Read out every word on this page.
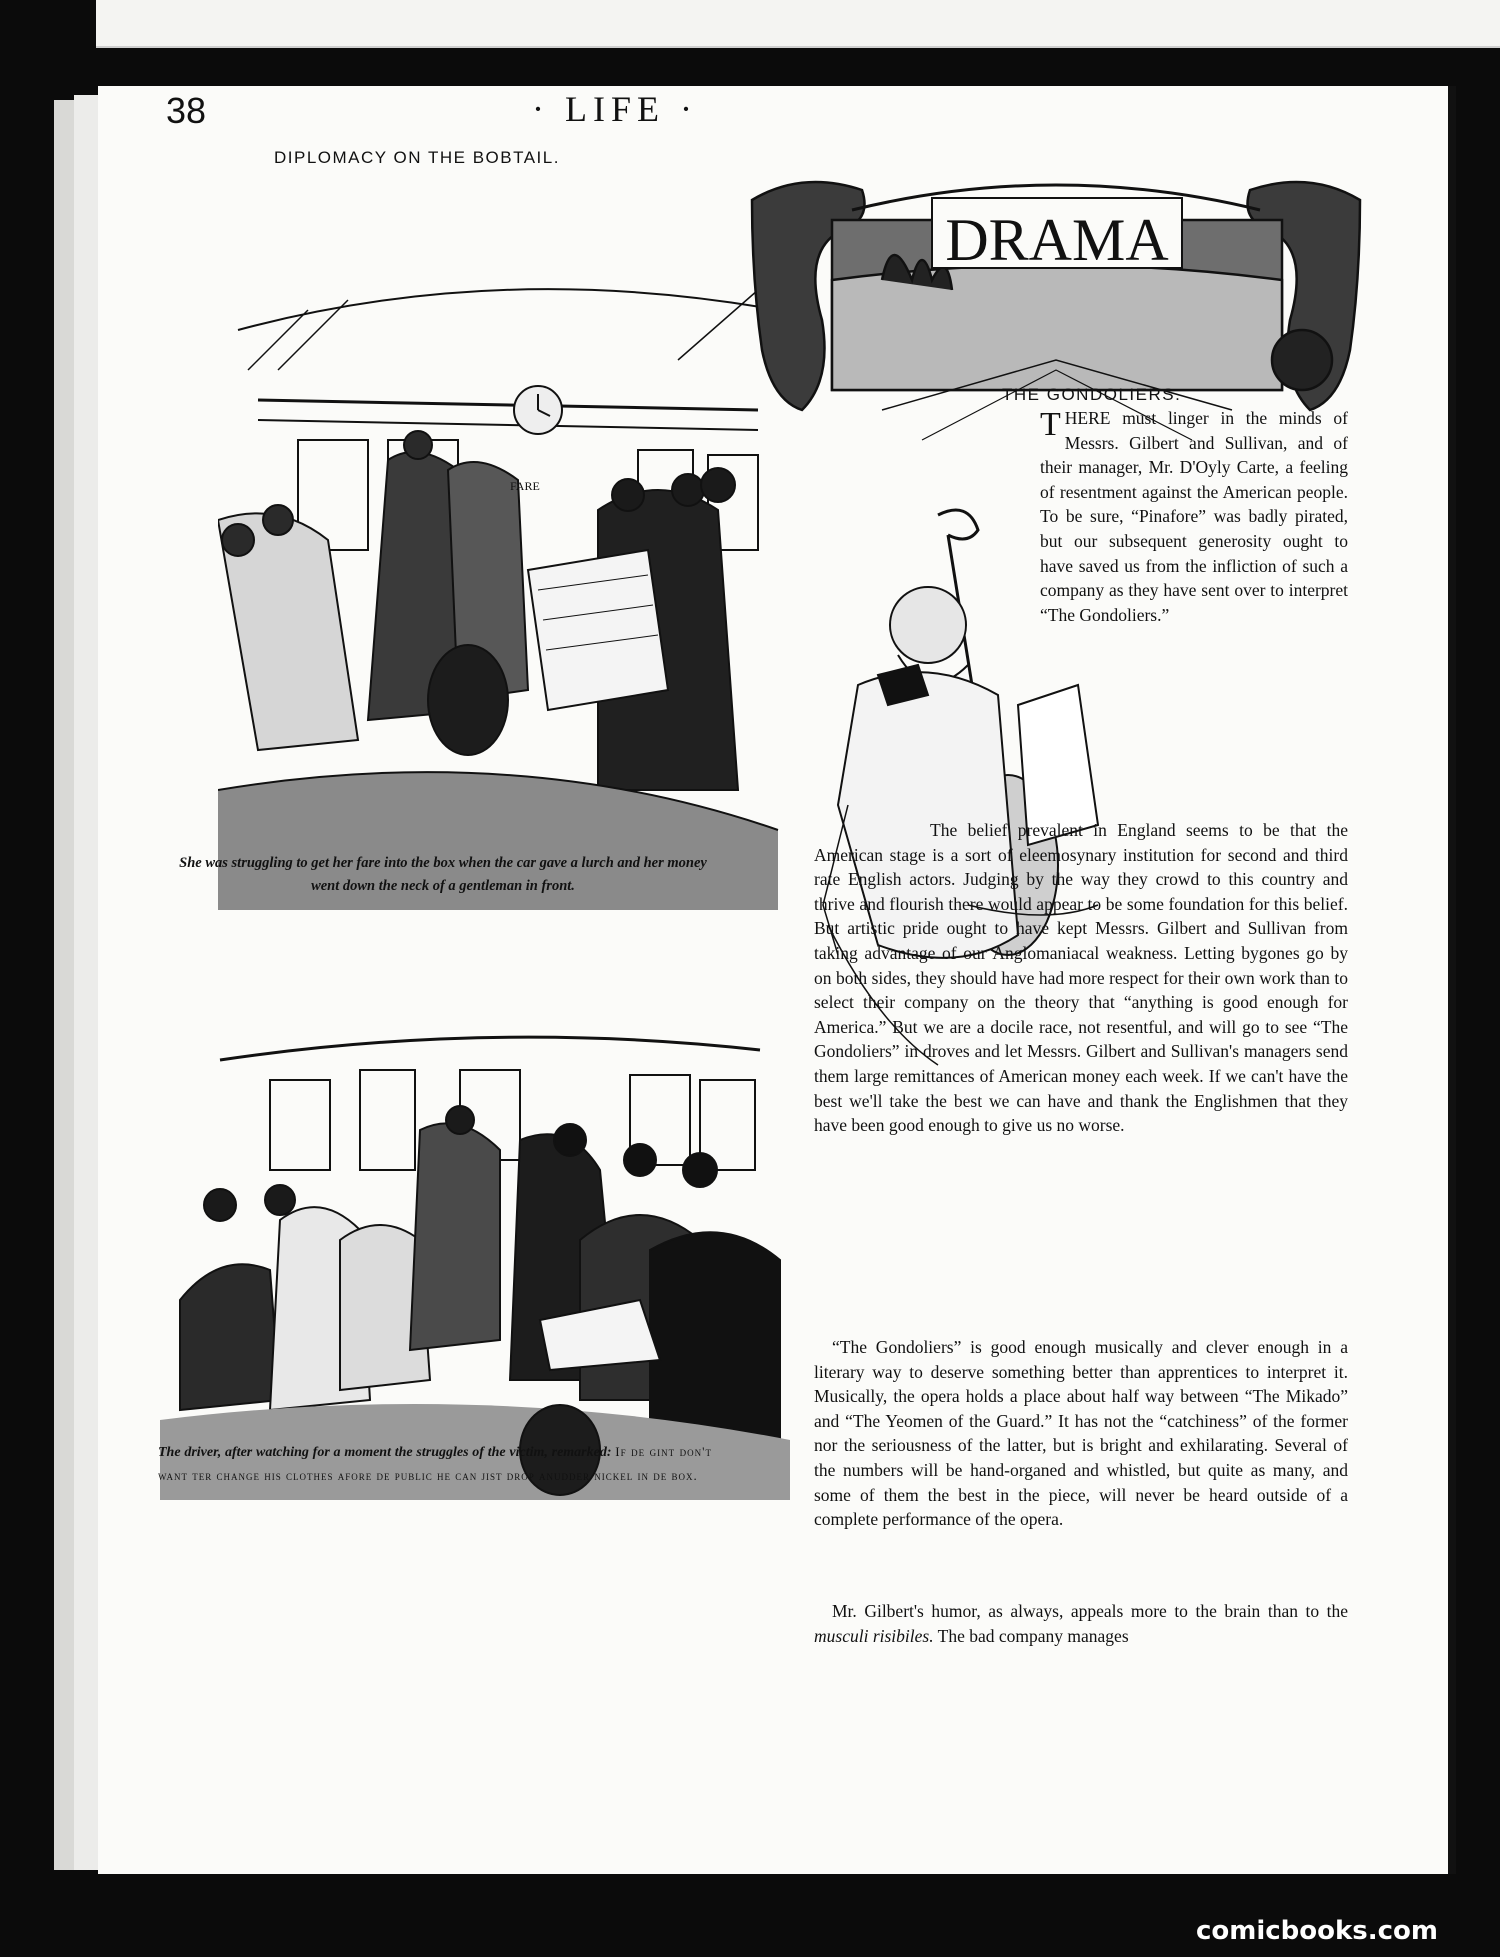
38	· LIFE ·
DIPLOMACY ON THE BOBTAIL.
FARE
She was struggling to get her fare into the box when the car gave a lurch and her money went down the neck of a gentleman in front.
The driver, after watching for a moment the struggles of the victim, remarked: If de gint don't want ter change his clothes afore de public he can jist drop anudder nickel in de box.
DRAMA
THE GONDOLIERS.

T HERE must linger in the minds of Messrs. Gilbert and Sullivan, and of their manager, Mr. D'Oyly Carte, a feeling of resentment against the American people. To be sure, “Pinafore” was badly pirated, but our subsequent generosity ought to have saved us from the infliction of such a company as they have sent over to interpret “The Gondoliers.”

The belief prevalent in England seems to be that the American stage is a sort of eleemosynary institution for second and third rate English actors. Judging by the way they crowd to this country and thrive and flourish there would appear to be some foundation for this belief. But artistic pride ought to have kept Messrs. Gilbert and Sullivan from taking advantage of our Anglomaniacal weakness. Letting bygones go by on both sides, they should have had more respect for their own work than to select their company on the theory that “anything is good enough for America.” But we are a docile race, not resentful, and will go to see “The Gondoliers” in droves and let Messrs. Gilbert and Sullivan's managers send them large remittances of American money each week. If we can't have the best we'll take the best we can have and thank the Englishmen that they have been good enough to give us no worse.

“The Gondoliers” is good enough musically and clever enough in a literary way to deserve something better than apprentices to interpret it. Musically, the opera holds a place about half way between “The Mikado” and “The Yeomen of the Guard.” It has not the “catchiness” of the former nor the seriousness of the latter, but is bright and exhilarating. Several of the numbers will be hand-organed and whistled, but quite as many, and some of them the best in the piece, will never be heard outside of a complete performance of the opera.

Mr. Gilbert's humor, as always, appeals more to the brain than to the musculi risibiles. The bad company manages

comicbooks.com
